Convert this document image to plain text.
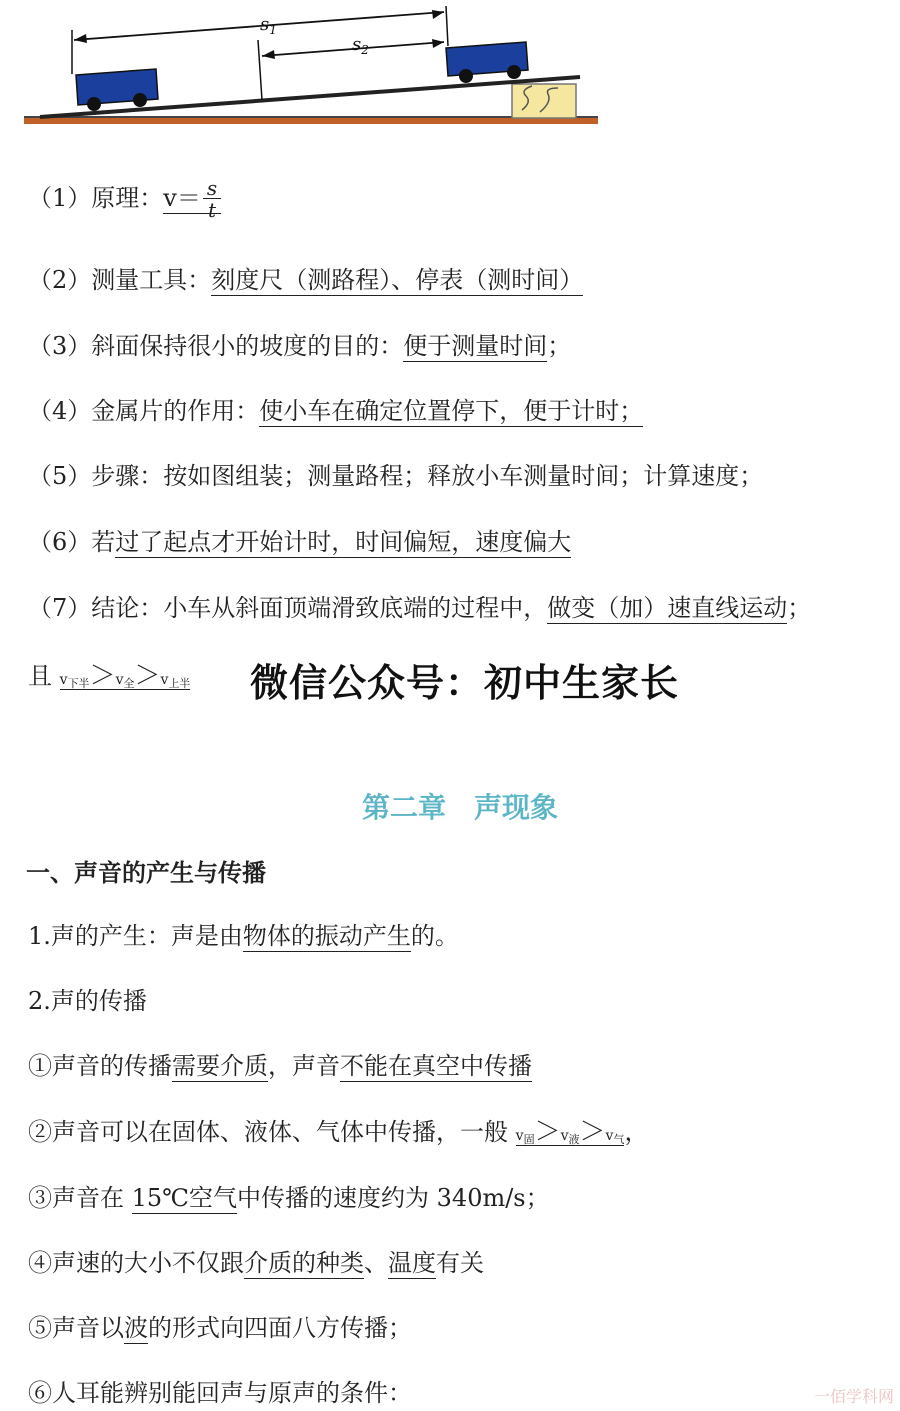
$s_1$
$s_2$
（1）原理：$v= \frac{s}{t}$
（2）测量工具：刻度尺（测路程）、停表（测时间）
（3）斜面保持很小的坡度的目的：便于测量时间；
（4）金属片的作用：使小车在确定位置停下，便于计时；
（5）步骤：按如图组装；测量路程；释放小车测量时间；计算速度；
（6）若过了起点才开始计时，时间偏短，速度偏大
（7）结论：小车从斜面顶端滑致底端的过程中，做变（加）速直线运动；
且 $v_{下半}>v_全>v_{上半}$ 微信公众号：初中生家长
第二章　声现象
一、声音的产生与传播
1.声的产生：声是由物体的振动产生的。
2.声的传播
①声音的传播需要介质，声音不能在真空中传播
②声音可以在固体、液体、气体中传播，一般 $v_固>v_液>v_气$，
③声音在 15℃空气中传播的速度约为 340m/s；
④声速的大小不仅跟介质的种类、温度有关
⑤声音以波的形式向四面八方传播；
⑥人耳能辨别能回声与原声的条件：	一佰学科网
